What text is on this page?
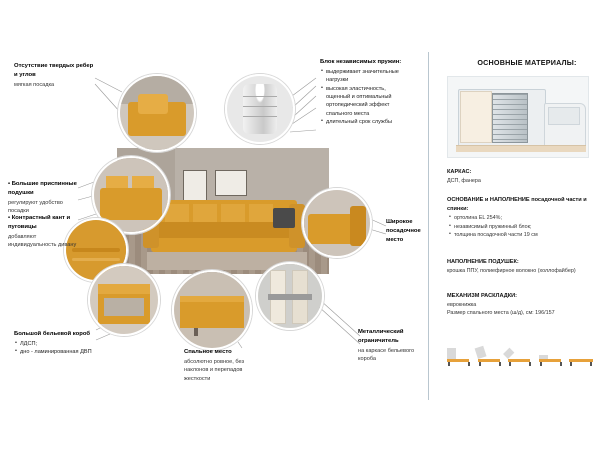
Отсутствие твердых ребер и углов
мягкая посадка
Блок независимых пружин:
• выдерживает значительные нагрузки
• высокая эластичность, ощенный и оптимальный ортопедический эффект спального места
• длительный срок службы
• Большие приспинные подушки
регулируют удобство посадки
• Контрастный кант и пуговицы
добавляют индивидуальность дивану
Широкое посадочное место
Большой бельевой короб
• ЛДСП;
• дно - ламинированная ДВП	Спальное место
абсолютно ровное, без наклонов и перепадов жесткости
Металлический ограничитель
на каркасе бельевого короба
ОСНОВНЫЕ МАТЕРИАЛЫ:
КАРКАС:
ДСП, фанера
ОСНОВАНИЕ и НАПОЛНЕНИЕ посадочной части и спинки:
• ортолина EL 254%;
• независимый пружинный блок;
• толщина посадочной части 19 см
НАПОЛНЕНИЕ ПОДУШЕК:
крошка ППУ, полиефирное волокно (холлофайбер)
МЕХАНИЗМ РАСКЛАДКИ:
еврокнижка
Размер спального места (ш/д), см: 196/157
